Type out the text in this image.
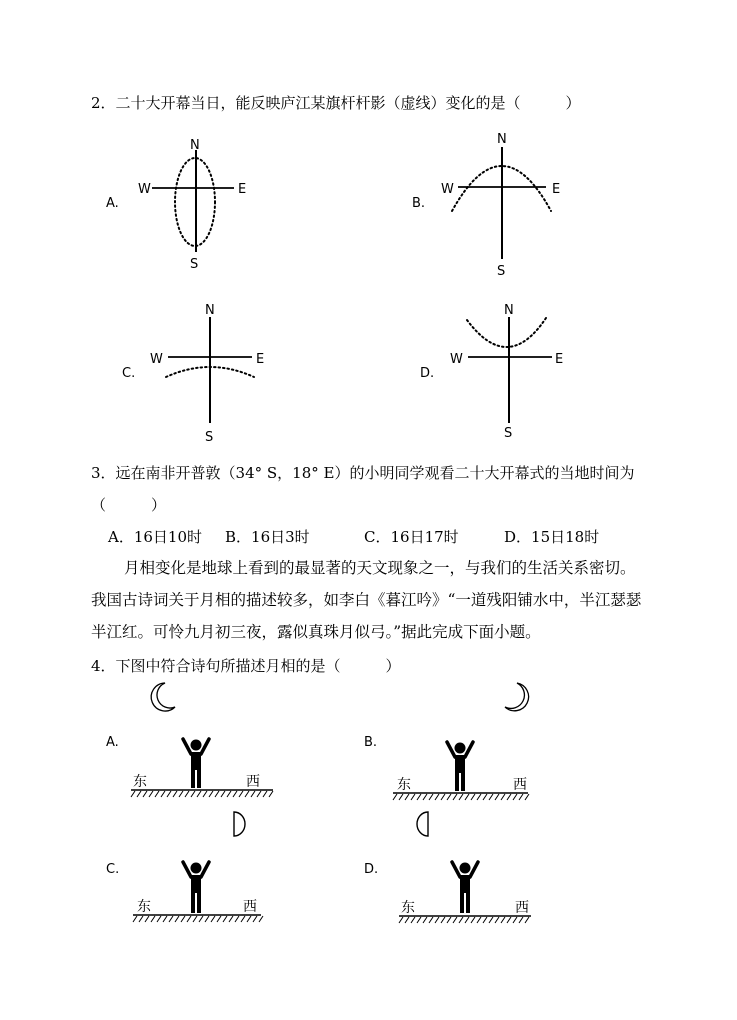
2．二十大开幕当日，能反映庐江某旗杆杆影（虚线）变化的是（　　　）
A.
N
S
W	E
B.
N
S
W	E
C.
N
S
W	E
D.
N
S
W	E
3．远在南非开普敦（34° S，18° E）的小明同学观看二十大开幕式的当地时间为
（　　　）
A．16日10时 B．16日3时	C．16日17时	D．15日18时
月相变化是地球上看到的最显著的天文现象之一，与我们的生活关系密切。
我国古诗词关于月相的描述较多，如李白《暮江吟》“一道残阳铺水中，半江瑟瑟
半江红。可怜九月初三夜，露似真珠月似弓。”据此完成下面小题。
4．下图中符合诗句所描述月相的是（　　　）
A.
东	西
B.
东	西
C.
东	西
D.
东	西
